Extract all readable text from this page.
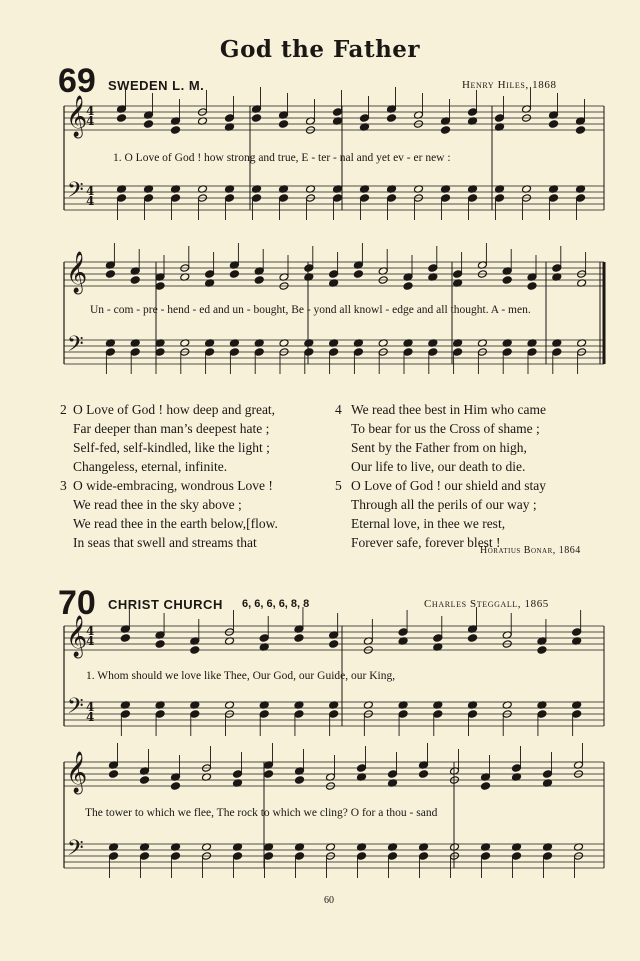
God the Father
69 SWEDEN L. M.	Henry Hiles, 1868
1. O Love of God ! how strong and true, E - ter - nal and yet ev - er new :
Un - com - pre - hend - ed and un - bought, Be - yond all knowl - edge and all thought. A - men.
2 O Love of God ! how deep and great,
Far deeper than man’s deepest hate ;
Self-fed, self-kindled, like the light ;
Changeless, eternal, infinite.
3 O wide-embracing, wondrous Love !
We read thee in the sky above ;
We read thee in the earth below,[flow.
In seas that swell and streams that
4 We read thee best in Him who came
To bear for us the Cross of shame ;
Sent by the Father from on high,
Our life to live, our death to die.
5 O Love of God ! our shield and stay
Through all the perils of our way ;
Eternal love, in thee we rest,
Forever safe, forever blest !
Horatius Bonar, 1864
70 CHRIST CHURCH 6, 6, 6, 6, 8, 8	Charles Steggall, 1865
1. Whom should we love like Thee, Our God, our Guide, our King,
The tower to which we flee, The rock to which we cling? O for a thou - sand
60
𝄞
𝄢
4
4
4
4
𝄞
𝄢
𝄞
𝄢
4
4
4
4
𝄞
𝄢
